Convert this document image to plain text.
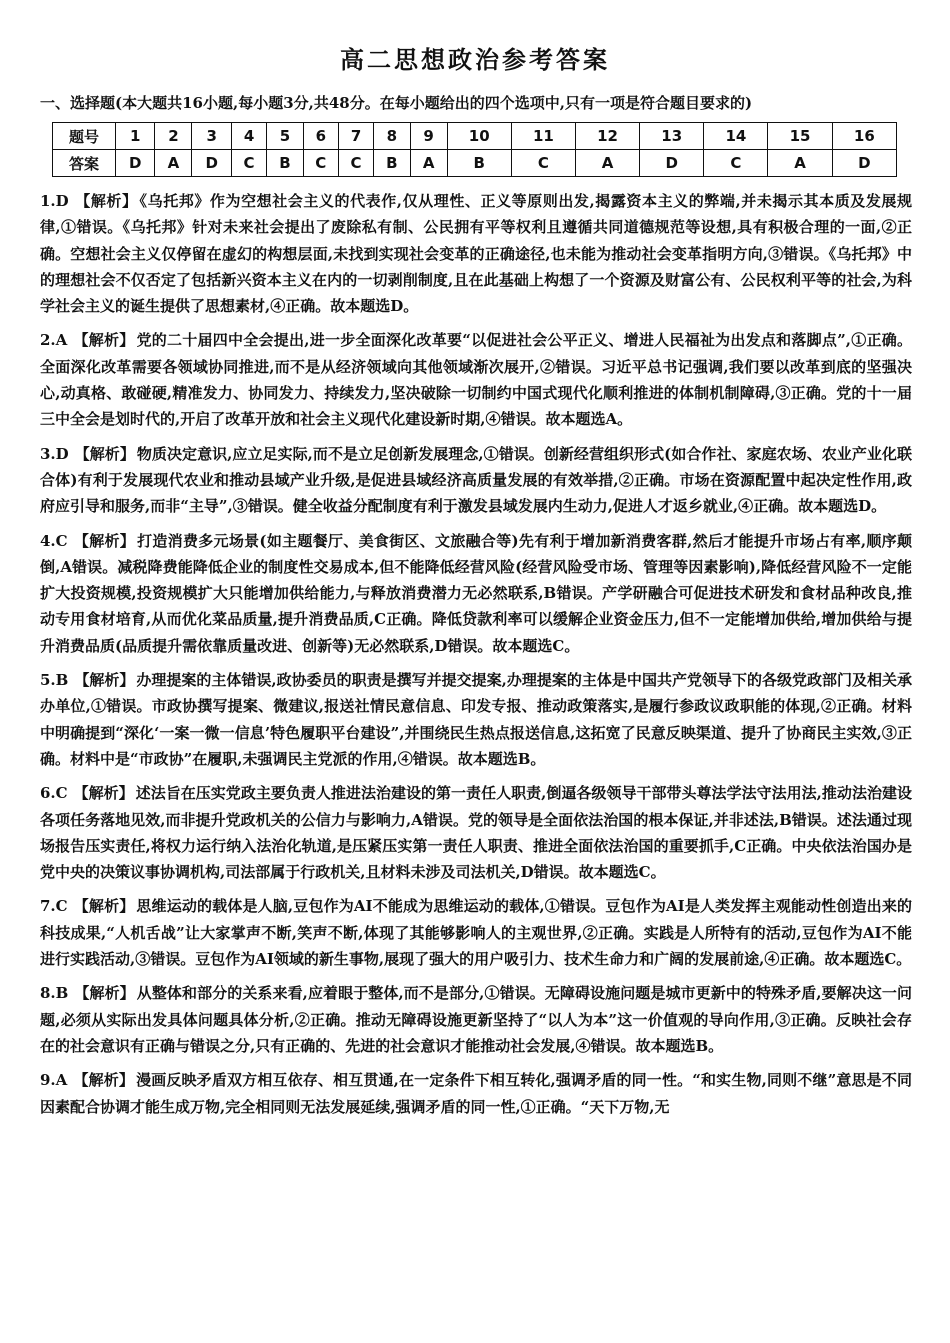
高二思想政治参考答案
一、选择题(本大题共16小题,每小题3分,共48分。在每小题给出的四个选项中,只有一项是符合题目要求的)
题号	1	2	3	4	5	6	7	8	9	10	11	12	13	14	15	16
答案	D	A	D	C	B	C	C	B	A	B	C	A	D	C	A	D

1.D 【解析】 《乌托邦》作为空想社会主义的代表作,仅从理性、正义等原则出发,揭露资本主义的弊端,并未揭示其本质及发展规律,①错误。《乌托邦》针对未来社会提出了废除私有制、公民拥有平等权利且遵循共同道德规范等设想,具有积极合理的一面,②正确。空想社会主义仅停留在虚幻的构想层面,未找到实现社会变革的正确途径,也未能为推动社会变革指明方向,③错误。《乌托邦》中的理想社会不仅否定了包括新兴资本主义在内的一切剥削制度,且在此基础上构想了一个资源及财富公有、公民权利平等的社会,为科学社会主义的诞生提供了思想素材,④正确。故本题选D。

2.A 【解析】 党的二十届四中全会提出,进一步全面深化改革要“以促进社会公平正义、增进人民福祉为出发点和落脚点”,①正确。全面深化改革需要各领域协同推进,而不是从经济领域向其他领域渐次展开,②错误。习近平总书记强调,我们要以改革到底的坚强决心,动真格、敢碰硬,精准发力、协同发力、持续发力,坚决破除一切制约中国式现代化顺利推进的体制机制障碍,③正确。党的十一届三中全会是划时代的,开启了改革开放和社会主义现代化建设新时期,④错误。故本题选A。

3.D 【解析】 物质决定意识,应立足实际,而不是立足创新发展理念,①错误。创新经营组织形式(如合作社、家庭农场、农业产业化联合体)有利于发展现代农业和推动县域产业升级,是促进县域经济高质量发展的有效举措,②正确。市场在资源配置中起决定性作用,政府应引导和服务,而非“主导”,③错误。健全收益分配制度有利于激发县域发展内生动力,促进人才返乡就业,④正确。故本题选D。

4.C 【解析】 打造消费多元场景(如主题餐厅、美食街区、文旅融合等)先有利于增加新消费客群,然后才能提升市场占有率,顺序颠倒,A错误。减税降费能降低企业的制度性交易成本,但不能降低经营风险(经营风险受市场、管理等因素影响),降低经营风险不一定能扩大投资规模,投资规模扩大只能增加供给能力,与释放消费潜力无必然联系,B错误。产学研融合可促进技术研发和食材品种改良,推动专用食材培育,从而优化菜品质量,提升消费品质,C正确。降低贷款利率可以缓解企业资金压力,但不一定能增加供给,增加供给与提升消费品质(品质提升需依靠质量改进、创新等)无必然联系,D错误。故本题选C。

5.B 【解析】 办理提案的主体错误,政协委员的职责是撰写并提交提案,办理提案的主体是中国共产党领导下的各级党政部门及相关承办单位,①错误。市政协撰写提案、微建议,报送社情民意信息、印发专报、推动政策落实,是履行参政议政职能的体现,②正确。材料中明确提到“深化‘一案一微一信息’特色履职平台建设”,并围绕民生热点报送信息,这拓宽了民意反映渠道、提升了协商民主实效,③正确。材料中是“市政协”在履职,未强调民主党派的作用,④错误。故本题选B。

6.C 【解析】 述法旨在压实党政主要负责人推进法治建设的第一责任人职责,倒逼各级领导干部带头尊法学法守法用法,推动法治建设各项任务落地见效,而非提升党政机关的公信力与影响力,A错误。党的领导是全面依法治国的根本保证,并非述法,B错误。述法通过现场报告压实责任,将权力运行纳入法治化轨道,是压紧压实第一责任人职责、推进全面依法治国的重要抓手,C正确。中央依法治国办是党中央的决策议事协调机构,司法部属于行政机关,且材料未涉及司法机关,D错误。故本题选C。

7.C 【解析】 思维运动的载体是人脑,豆包作为AI不能成为思维运动的载体,①错误。豆包作为AI是人类发挥主观能动性创造出来的科技成果,“人机舌战”让大家掌声不断,笑声不断,体现了其能够影响人的主观世界,②正确。实践是人所特有的活动,豆包作为AI不能进行实践活动,③错误。豆包作为AI领域的新生事物,展现了强大的用户吸引力、技术生命力和广阔的发展前途,④正确。故本题选C。

8.B 【解析】 从整体和部分的关系来看,应着眼于整体,而不是部分,①错误。无障碍设施问题是城市更新中的特殊矛盾,要解决这一问题,必须从实际出发具体问题具体分析,②正确。推动无障碍设施更新坚持了“以人为本”这一价值观的导向作用,③正确。反映社会存在的社会意识有正确与错误之分,只有正确的、先进的社会意识才能推动社会发展,④错误。故本题选B。

9.A 【解析】 漫画反映矛盾双方相互依存、相互贯通,在一定条件下相互转化,强调矛盾的同一性。“和实生物,同则不继”意思是不同因素配合协调才能生成万物,完全相同则无法发展延续,强调矛盾的同一性,①正确。“天下万物,无
